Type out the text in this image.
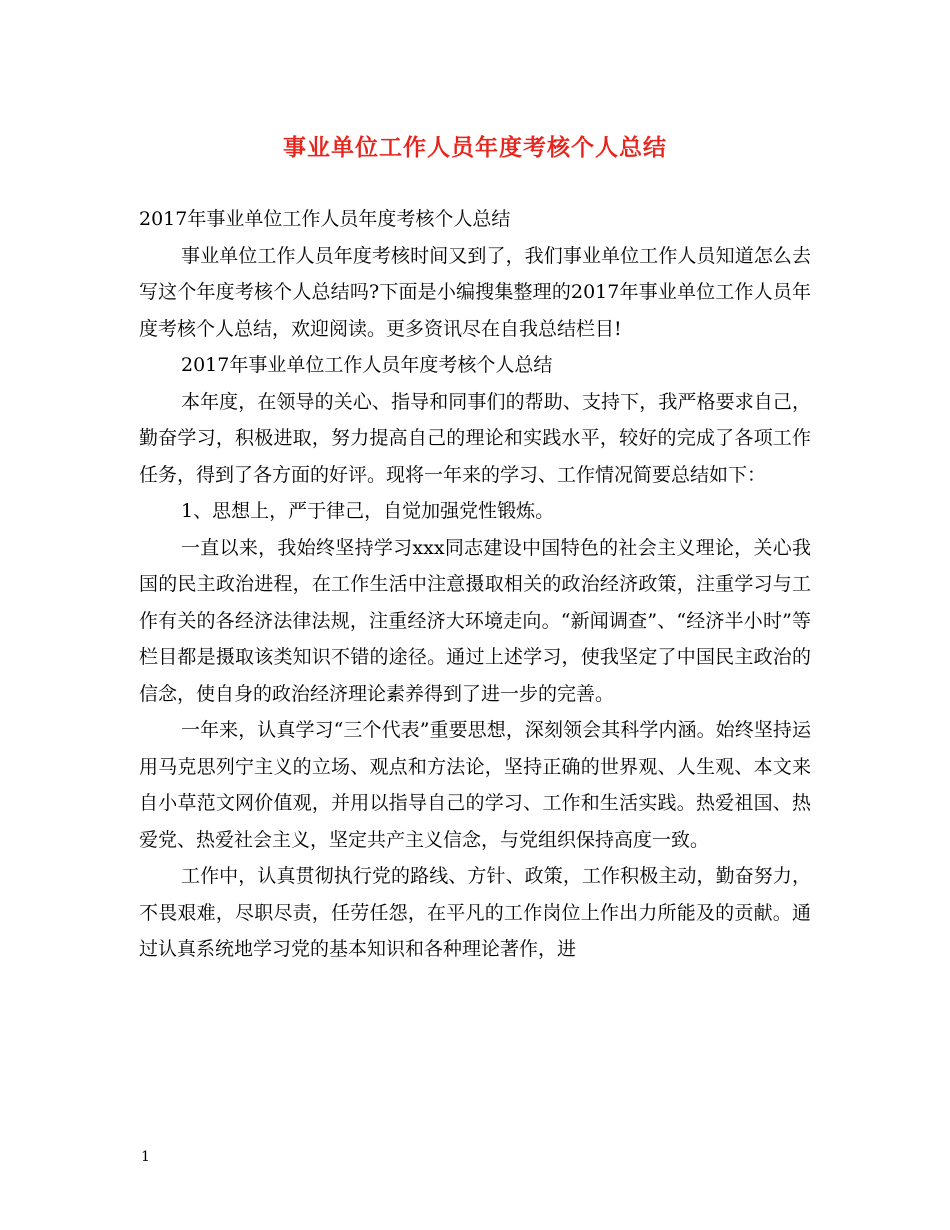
事业单位工作人员年度考核个人总结

2017年事业单位工作人员年度考核个人总结

事业单位工作人员年度考核时间又到了，我们事业单位工作人员知道怎么去写这个年度考核个人总结吗?下面是小编搜集整理的2017年事业单位工作人员年度考核个人总结，欢迎阅读。更多资讯尽在自我总结栏目!

2017年事业单位工作人员年度考核个人总结

本年度，在领导的关心、指导和同事们的帮助、支持下，我严格要求自己，勤奋学习，积极进取，努力提高自己的理论和实践水平，较好的完成了各项工作任务，得到了各方面的好评。现将一年来的学习、工作情况简要总结如下：

1、思想上，严于律己，自觉加强党性锻炼。

一直以来，我始终坚持学习xxx同志建设中国特色的社会主义理论，关心我国的民主政治进程，在工作生活中注意摄取相关的政治经济政策，注重学习与工作有关的各经济法律法规，注重经济大环境走向。“新闻调查”、“经济半小时”等栏目都是摄取该类知识不错的途径。通过上述学习，使我坚定了中国民主政治的信念，使自身的政治经济理论素养得到了进一步的完善。

一年来，认真学习“三个代表”重要思想，深刻领会其科学内涵。始终坚持运用马克思列宁主义的立场、观点和方法论，坚持正确的世界观、人生观、本文来自小草范文网价值观，并用以指导自己的学习、工作和生活实践。热爱祖国、热爱党、热爱社会主义，坚定共产主义信念，与党组织保持高度一致。

工作中，认真贯彻执行党的路线、方针、政策，工作积极主动，勤奋努力，不畏艰难，尽职尽责，任劳任怨，在平凡的工作岗位上作出力所能及的贡献。通过认真系统地学习党的基本知识和各种理论著作，进

1
